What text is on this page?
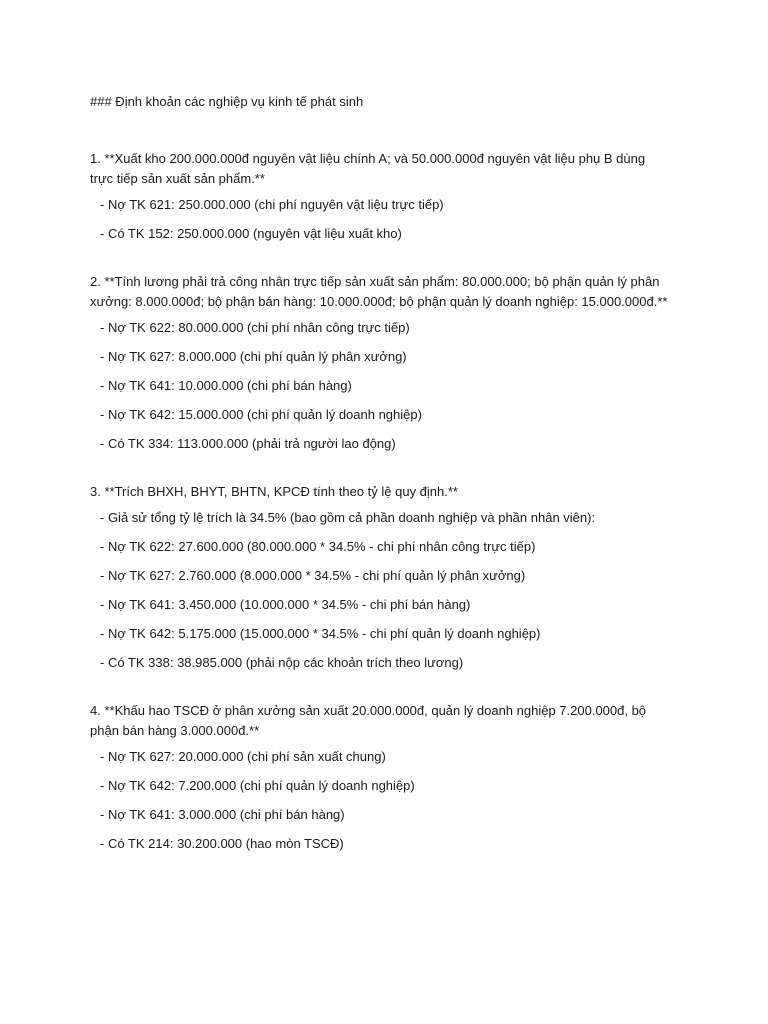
### Định khoản các nghiệp vụ kinh tế phát sinh
1. **Xuất kho 200.000.000đ nguyên vật liệu chính A; và 50.000.000đ nguyên vật liệu phụ B dùng trực tiếp sản xuất sản phẩm.**
- Nợ TK 621: 250.000.000 (chi phí nguyên vật liệu trực tiếp)
- Có TK 152: 250.000.000 (nguyên vật liệu xuất kho)
2. **Tính lương phải trả công nhân trực tiếp sản xuất sản phẩm: 80.000.000; bộ phận quản lý phân xưởng: 8.000.000đ; bộ phận bán hàng: 10.000.000đ; bộ phận quản lý doanh nghiệp: 15.000.000đ.**
- Nợ TK 622: 80.000.000 (chi phí nhân công trực tiếp)
- Nợ TK 627: 8.000.000 (chi phí quản lý phân xưởng)
- Nợ TK 641: 10.000.000 (chi phí bán hàng)
- Nợ TK 642: 15.000.000 (chi phí quản lý doanh nghiệp)
- Có TK 334: 113.000.000 (phải trả người lao động)
3. **Trích BHXH, BHYT, BHTN, KPCĐ tính theo tỷ lệ quy định.**
- Giả sử tổng tỷ lệ trích là 34.5% (bao gồm cả phần doanh nghiệp và phần nhân viên):
- Nợ TK 622: 27.600.000 (80.000.000 * 34.5% - chi phí nhân công trực tiếp)
- Nợ TK 627: 2.760.000 (8.000.000 * 34.5% - chi phí quản lý phân xưởng)
- Nợ TK 641: 3.450.000 (10.000.000 * 34.5% - chi phí bán hàng)
- Nợ TK 642: 5.175.000 (15.000.000 * 34.5% - chi phí quản lý doanh nghiệp)
- Có TK 338: 38.985.000 (phải nộp các khoản trích theo lương)
4. **Khấu hao TSCĐ ở phân xưởng sản xuất 20.000.000đ, quản lý doanh nghiệp 7.200.000đ, bộ phận bán hàng 3.000.000đ.**
- Nợ TK 627: 20.000.000 (chi phí sản xuất chung)
- Nợ TK 642: 7.200.000 (chi phí quản lý doanh nghiệp)
- Nợ TK 641: 3.000.000 (chi phí bán hàng)
- Có TK 214: 30.200.000 (hao mòn TSCĐ)
